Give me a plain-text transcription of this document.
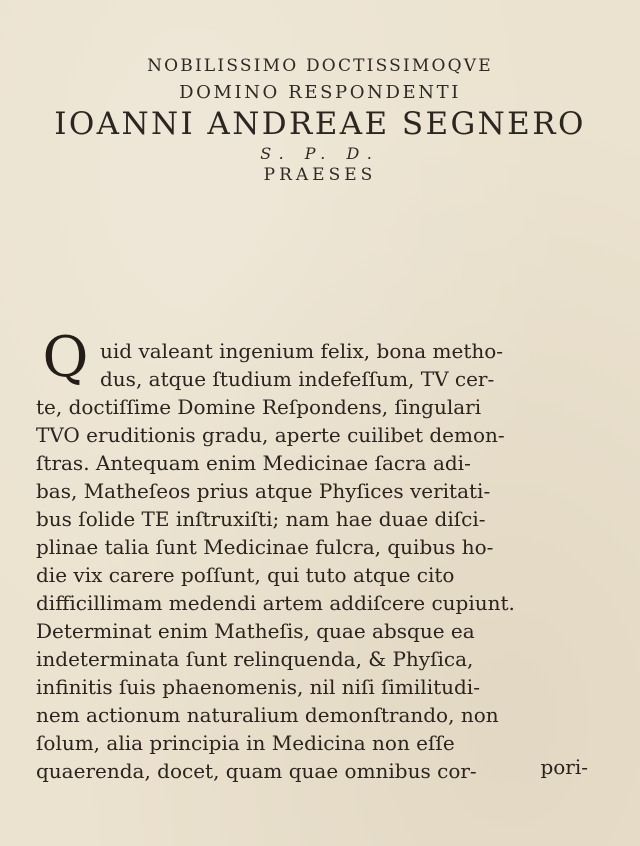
NOBILISSIMO DOCTISSIMOQVE
DOMINO RESPONDENTI
IOANNI ANDREAE SEGNERO
S. P. D.
PRAESES
Q uid valeant ingenium felix, bona metho-
dus, atque ſtudium indefeſſum, TV cer-
te, doctiſſime Domine Reſpondens, ſingulari
TVO eruditionis gradu, aperte cuilibet demon-
ſtras. Antequam enim Medicinae ſacra adi-
bas, Matheſeos prius atque Phyſices veritati-
bus ſolide TE inſtruxiſti; nam hae duae diſci-
plinae talia ſunt Medicinae fulcra, quibus ho-
die vix carere poſſunt, qui tuto atque cito
difficillimam medendi artem addiſcere cupiunt.
Determinat enim Matheſis, quae absque ea
indeterminata ſunt relinquenda, & Phyſica,
infinitis ſuis phaenomenis, nil niſi ſimilitudi-
nem actionum naturalium demonſtrando, non
ſolum, alia principia in Medicina non eſſe
quaerenda, docet, quam quae omnibus cor-	pori-
